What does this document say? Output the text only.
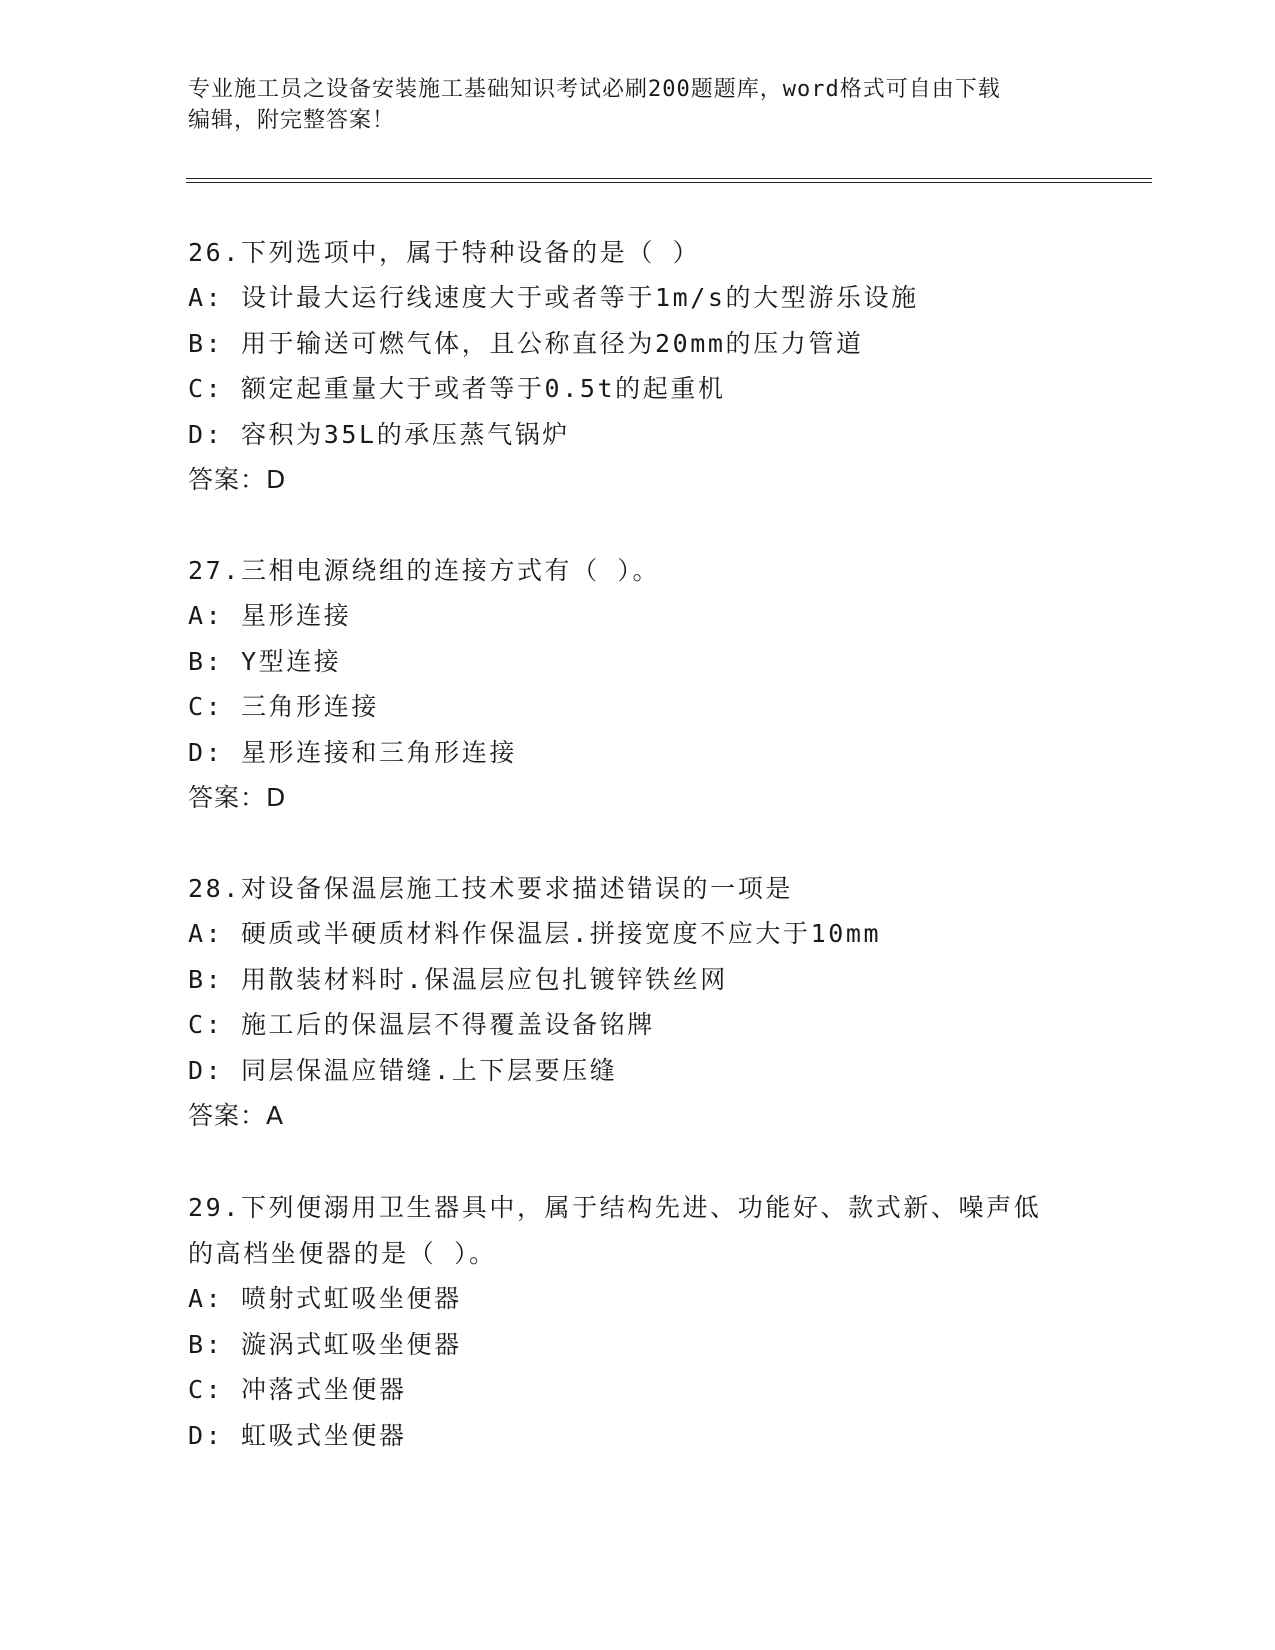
专业施工员之设备安装施工基础知识考试必刷200题题库，word格式可自由下载
编辑，附完整答案！
26.下列选项中，属于特种设备的是（ ）
A: 设计最大运行线速度大于或者等于1m/s的大型游乐设施
B: 用于输送可燃气体，且公称直径为20mm的压力管道
C: 额定起重量大于或者等于0.5t的起重机
D: 容积为35L的承压蒸气锅炉
答案：D
27.三相电源绕组的连接方式有（ ）。
A: 星形连接
B: Y型连接
C: 三角形连接
D: 星形连接和三角形连接
答案：D
28.对设备保温层施工技术要求描述错误的一项是
A: 硬质或半硬质材料作保温层.拼接宽度不应大于10mm
B: 用散装材料时.保温层应包扎镀锌铁丝网
C: 施工后的保温层不得覆盖设备铭牌
D: 同层保温应错缝.上下层要压缝
答案：A
29.下列便溺用卫生器具中，属于结构先进、功能好、款式新、噪声低
的高档坐便器的是（ ）。
A: 喷射式虹吸坐便器
B: 漩涡式虹吸坐便器
C: 冲落式坐便器
D: 虹吸式坐便器
